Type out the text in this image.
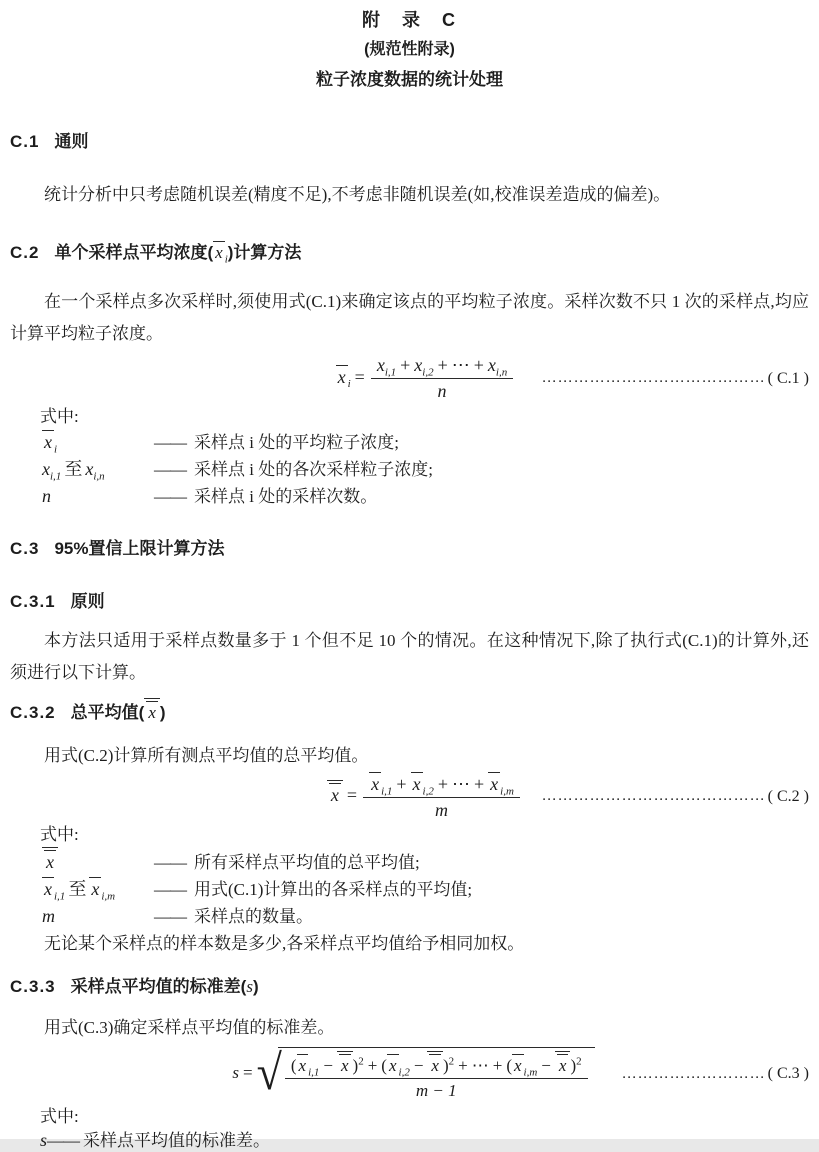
附　录　C
(规范性附录)
粒子浓度数据的统计处理
C.1 通则
统计分析中只考虑随机误差(精度不足),不考虑非随机误差(如,校准误差造成的偏差)。
C.2 单个采样点平均浓度( x $_i$)计算方法
在一个采样点多次采样时,须使用式(C.1)来确定该点的平均粒子浓度。采样次数不只 1 次的采样点,均应计算平均粒子浓度。
x $_i = \frac{x_{i,1} + x_{i,2} + \cdots + x_{i,n}}{n}$ …………………………………… ( C.1 )
式中:
x $_i$	—— 采样点 i 处的平均粒子浓度;
$x_{i,1}$ 至 $x_{i,n}$	—— 采样点 i 处的各次采样粒子浓度;
n	—— 采样点 i 处的采样次数。
C.3 95%置信上限计算方法
C.3.1 原则
本方法只适用于采样点数量多于 1 个但不足 10 个的情况。在这种情况下,除了执行式(C.1)的计算外,还须进行以下计算。
C.3.2 总平均值( x )
用式(C.2)计算所有测点平均值的总平均值。
$x = \frac{x _{i,1} + x _{i,2} + \cdots + x _{i,m}}{m}$ …………………………………… ( C.2 )
式中:
x	—— 所有采样点平均值的总平均值;
x $_{i,1}$ 至 x $_{i,m}$	—— 用式(C.1)计算出的各采样点的平均值;
m	—— 采样点的数量。
无论某个采样点的样本数是多少,各采样点平均值给予相同加权。
C.3.3 采样点平均值的标准差(s)
用式(C.3)确定采样点平均值的标准差。
s = √ $\frac{( x _{i,1} - x )^2 + ( x _{i,2} - x )^2 + \cdots + ( x _{i,m} - x )^2}{m - 1}$ ……………………… ( C.3 )
式中:
s—— 采样点平均值的标准差。
